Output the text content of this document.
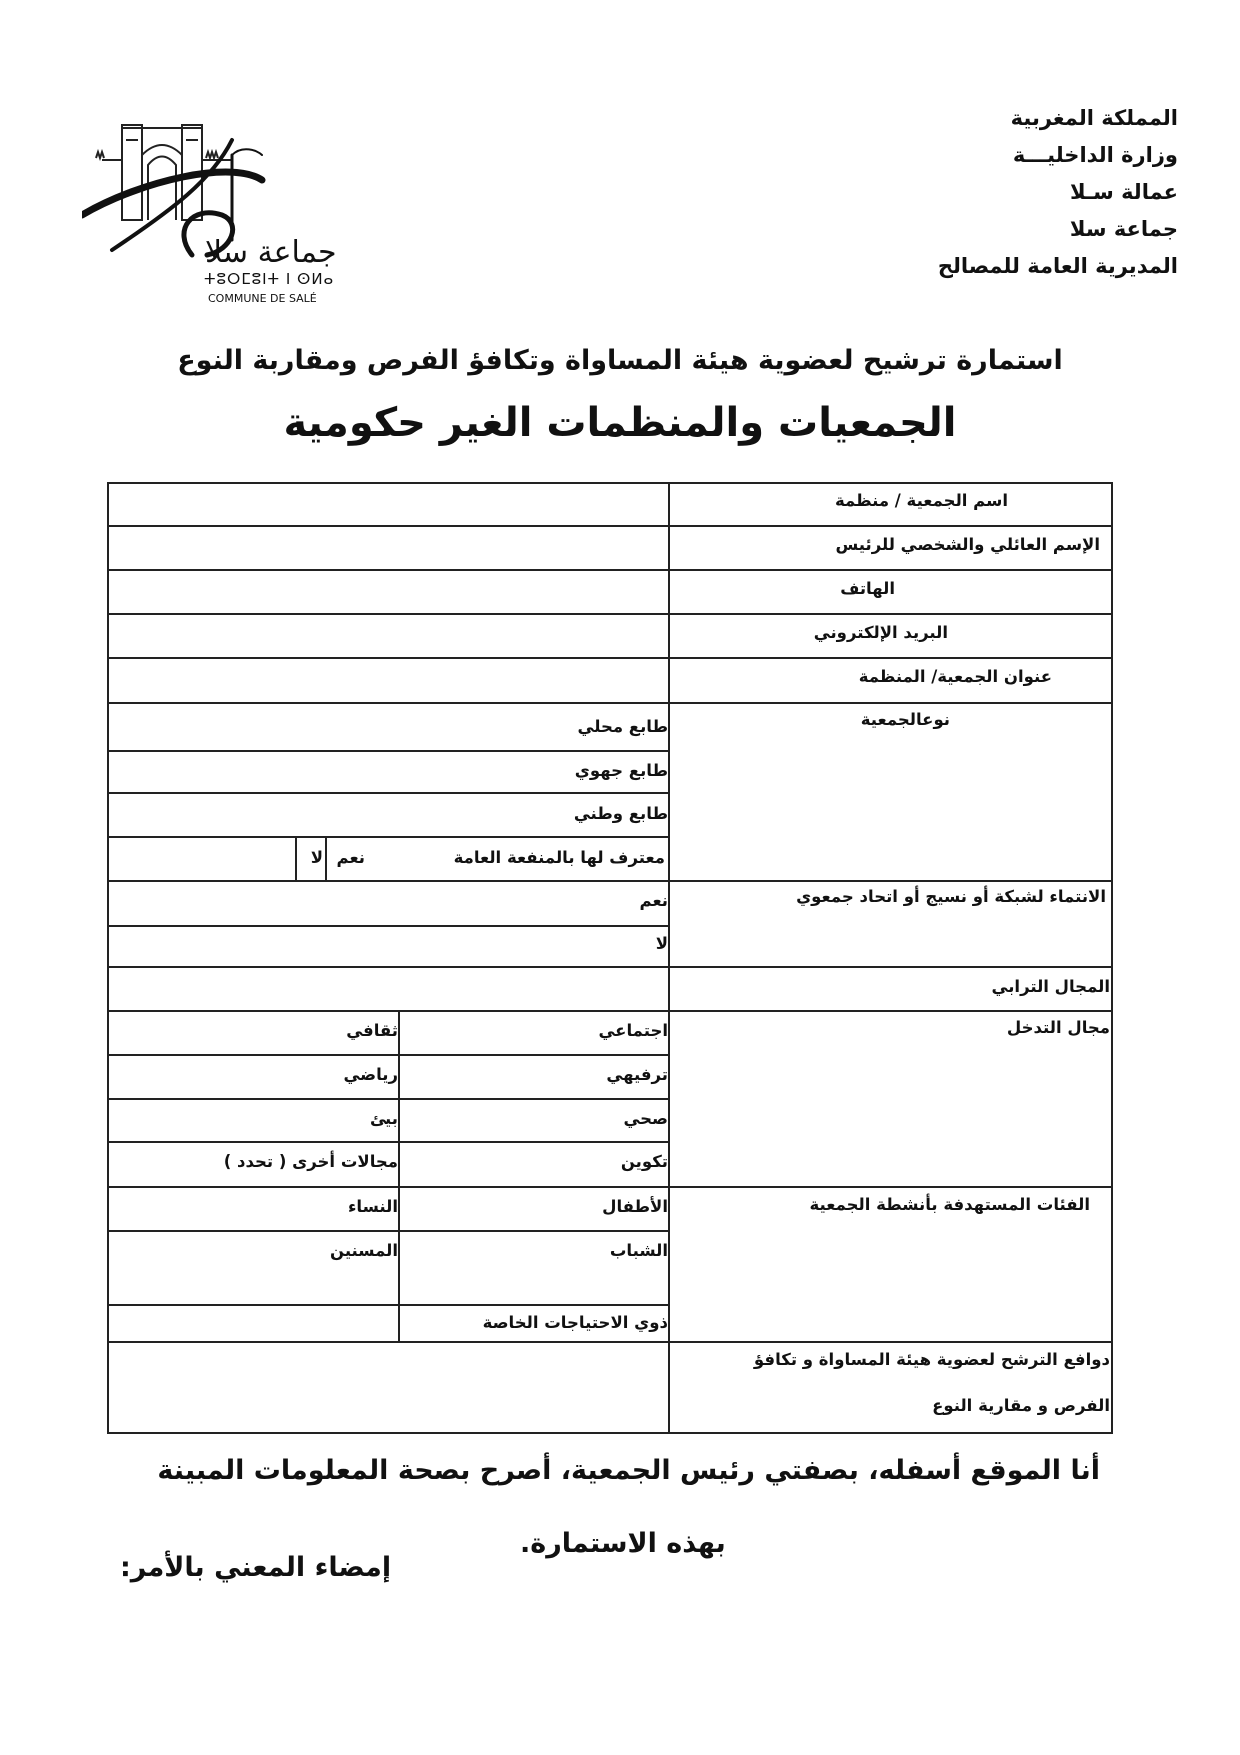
المملكة المغربية
وزارة الداخليـــة
عمالة سـلا
جماعة سلا
المديرية العامة للمصالح
جماعة سلا
ⵜⵓⵔⵎⵓⵏⵜ ⵏ ⵙⵍⴰ
COMMUNE DE SALÉ
استمارة ترشيح لعضوية هيئة المساواة وتكافؤ الفرص ومقاربة النوع
الجمعيات والمنظمات الغير حكومية
اسم الجمعية / منظمة
الإسم العائلي والشخصي للرئيس
الهاتف
البريد الإلكتروني
عنوان الجمعية/ المنظمة
نوعالجمعية
الانتماء لشبكة أو نسيج أو اتحاد جمعوي
المجال الترابي
مجال التدخل
الفئات المستهدفة بأنشطة الجمعية
دوافع الترشح لعضوية هيئة المساواة و تكافؤ
الفرص و مقارية النوع
طابع محلي
طابع جهوي
طابع وطني
معترف لها بالمنفعة العامة
نعم
لا
نعم
لا
اجتماعي
ترفيهي
صحي
تكوين
ثقافي
رياضي
بيئ
مجالات أخرى ( تحدد )
الأطفال
الشباب
النساء
المسنين
ذوي الاحتياجات الخاصة
أنا الموقع أسفله، بصفتي رئيس الجمعية، أصرح بصحة المعلومات المبينة
بهذه الاستمارة.
إمضاء المعني بالأمر:
